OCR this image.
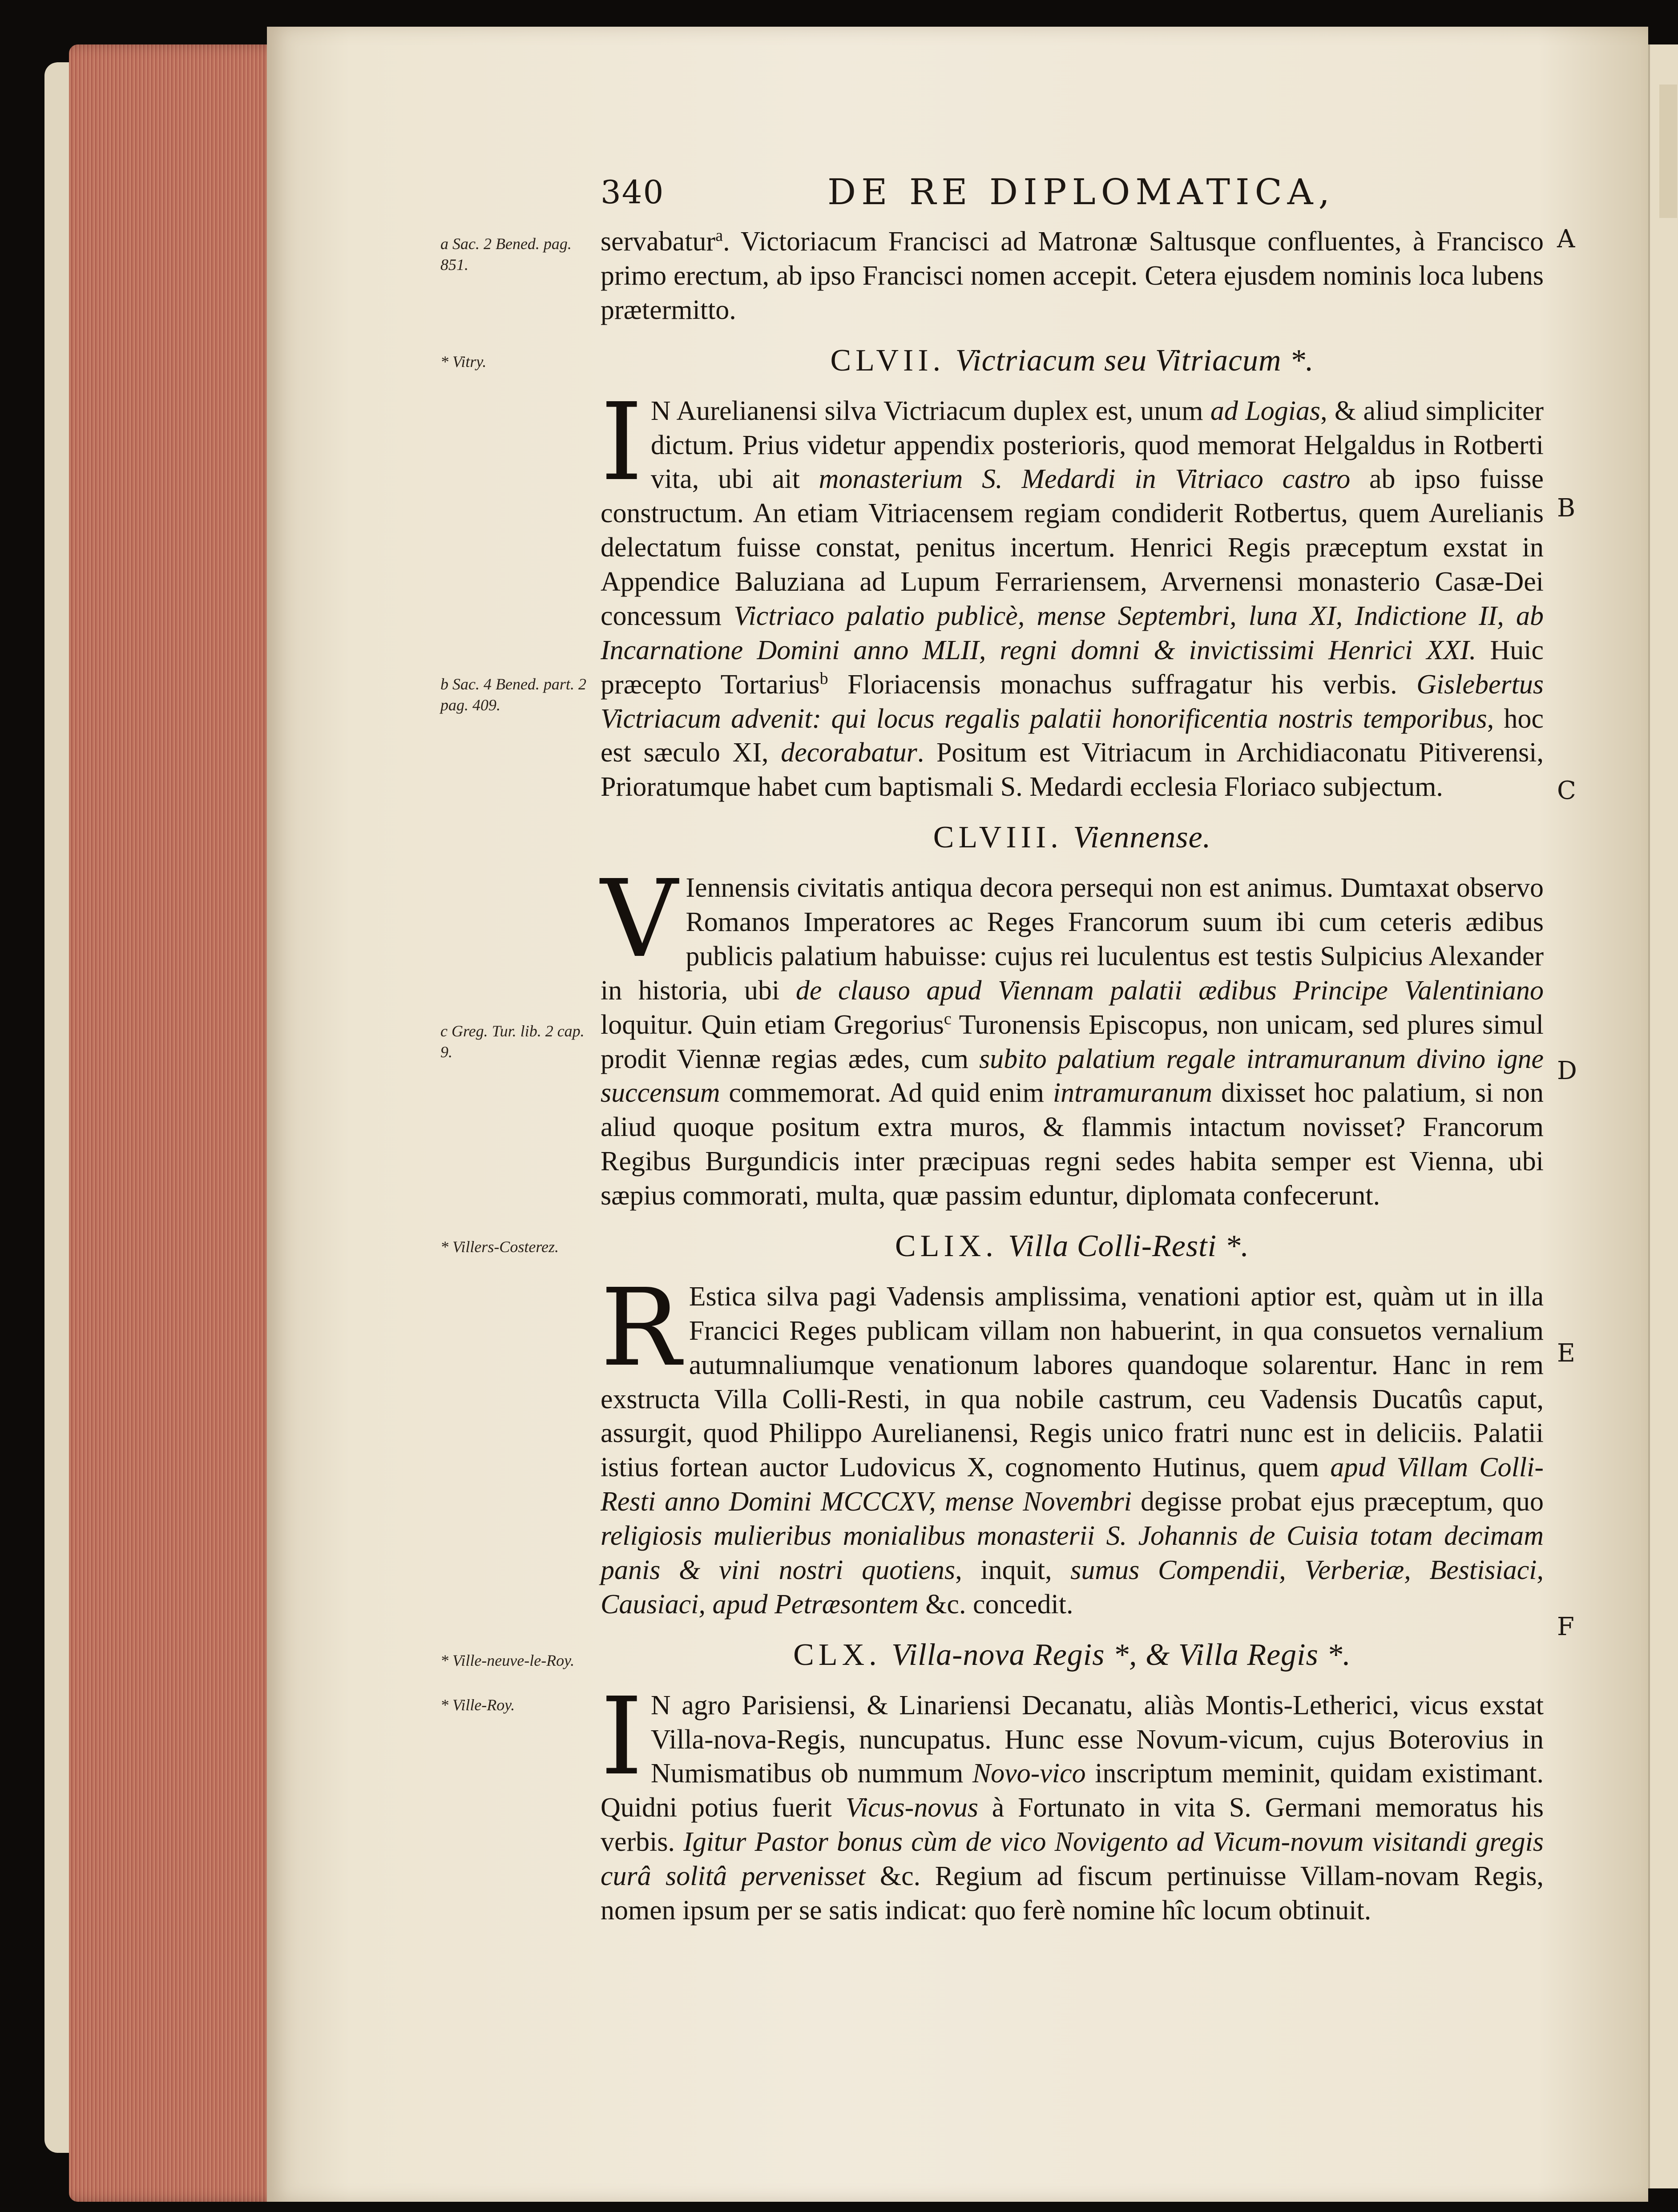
340	DE RE DIPLOMATICA,
a Sac. 2 Bened. pag. 851.
* Vitry.
b Sac. 4 Bened. part. 2 pag. 409.
c Greg. Tur. lib. 2 cap. 9.
* Villers-Costerez.
* Ville-neuve-le-Roy.
* Ville-Roy.
A
B
C
D
E
F

servabatur$^a$. Victoriacum Francisci ad Matronæ Saltusque confluentes, à Francisco primo erectum, ab ipso Francisci nomen accepit. Cetera ejusdem nominis loca lubens prætermitto.

CLVII. Victriacum seu Vitriacum *.

I N Aurelianensi silva Victriacum duplex est, unum ad Logias, & aliud simpliciter dictum. Prius videtur appendix posterioris, quod memorat Helgaldus in Rotberti vita, ubi ait monasterium S. Medardi in Vitriaco castro ab ipso fuisse constructum. An etiam Vitriacensem regiam condiderit Rotbertus, quem Aurelianis delectatum fuisse constat, penitus incertum. Henrici Regis præceptum exstat in Appendice Baluziana ad Lupum Ferrariensem, Arvernensi monasterio Casæ-Dei concessum Victriaco palatio publicè, mense Septembri, luna XI, Indictione II, ab Incarnatione Domini anno MLII, regni domni & invictissimi Henrici XXI. Huic præcepto Tortarius$^b$ Floriacensis monachus suffragatur his verbis. Gislebertus Victriacum advenit: qui locus regalis palatii honorificentia nostris temporibus, hoc est sæculo XI, decorabatur. Positum est Vitriacum in Archidiaconatu Pitiverensi, Prioratumque habet cum baptismali S. Medardi ecclesia Floriaco subjectum.

CLVIII. Viennense.

V Iennensis civitatis antiqua decora persequi non est animus. Dumtaxat observo Romanos Imperatores ac Reges Francorum suum ibi cum ceteris ædibus publicis palatium habuisse: cujus rei luculentus est testis Sulpicius Alexander in historia, ubi de clauso apud Viennam palatii ædibus Principe Valentiniano loquitur. Quin etiam Gregorius$^c$ Turonensis Episcopus, non unicam, sed plures simul prodit Viennæ regias ædes, cum subito palatium regale intramuranum divino igne succensum commemorat. Ad quid enim intramuranum dixisset hoc palatium, si non aliud quoque positum extra muros, & flammis intactum novisset? Francorum Regibus Burgundicis inter præcipuas regni sedes habita semper est Vienna, ubi sæpius commorati, multa, quæ passim eduntur, diplomata confecerunt.

CLIX. Villa Colli-Resti *.

R Estica silva pagi Vadensis amplissima, venationi aptior est, quàm ut in illa Francici Reges publicam villam non habuerint, in qua consuetos vernalium autumnaliumque venationum labores quandoque solarentur. Hanc in rem exstructa Villa Colli-Resti, in qua nobile castrum, ceu Vadensis Ducatûs caput, assurgit, quod Philippo Aurelianensi, Regis unico fratri nunc est in deliciis. Palatii istius fortean auctor Ludovicus X, cognomento Hutinus, quem apud Villam Colli-Resti anno Domini MCCCXV, mense Novembri degisse probat ejus præceptum, quo religiosis mulieribus monialibus monasterii S. Johannis de Cuisia totam decimam panis & vini nostri quotiens, inquit, sumus Compendii, Verberiæ, Bestisiaci, Causiaci, apud Petræsontem &c. concedit.

CLX. Villa-nova Regis *, & Villa Regis *.

I N agro Parisiensi, & Linariensi Decanatu, aliàs Montis-Letherici, vicus exstat Villa-nova-Regis, nuncupatus. Hunc esse Novum-vicum, cujus Boterovius in Numismatibus ob nummum Novo-vico inscriptum meminit, quidam existimant. Quidni potius fuerit Vicus-novus à Fortunato in vita S. Germani memoratus his verbis. Igitur Pastor bonus cùm de vico Novigento ad Vicum-novum visitandi gregis curâ solitâ pervenisset &c. Regium ad fiscum pertinuisse Villam-novam Regis, nomen ipsum per se satis indicat: quo ferè nomine hîc locum obtinuit.
